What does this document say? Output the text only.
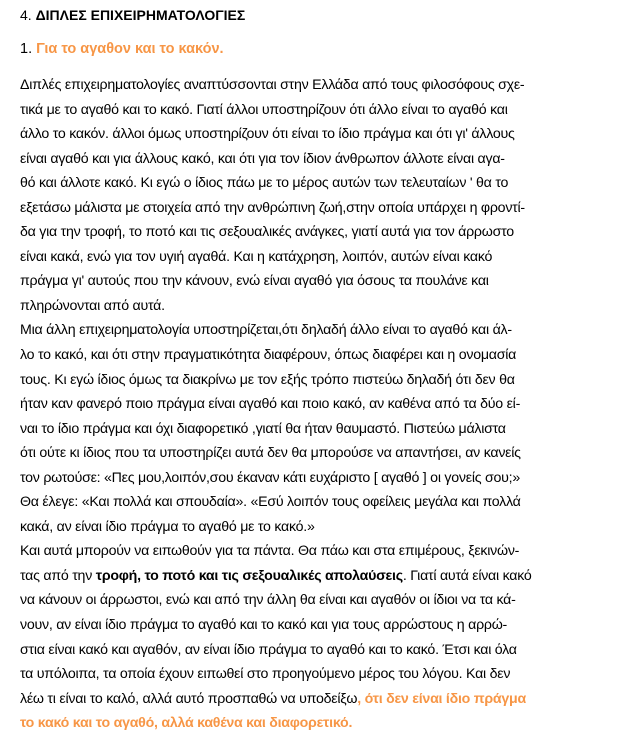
4. ΔΙΠΛΕΣ ΕΠΙΧΕΙΡΗΜΑΤΟΛΟΓΙΕΣ
1. Για το αγαθον και το κακόν.
Διπλές επιχειρηματολογίες αναπτύσσονται στην Ελλάδα από τους φιλοσόφους σχε-
τικά με το αγαθό και το κακό. Γιατί άλλοι υποστηρίζουν ότι άλλο είναι το αγαθό και
άλλο το κακόν. άλλοι όμως υποστηρίζουν ότι είναι το ίδιο πράγμα και ότι γι' άλλους
είναι αγαθό και για άλλους κακό, και ότι για τον ίδιον άνθρωπον άλλοτε είναι αγα-
θό και άλλοτε κακό. Κι εγώ ο ίδιος πάω με το μέρος αυτών των τελευταίων ' θα το
εξετάσω μάλιστα με στοιχεία από την ανθρώπινη ζωή,στην οποία υπάρχει η φροντί-
δα για την τροφή, το ποτό και τις σεξουαλικές ανάγκες, γιατί αυτά για τον άρρωστο
είναι κακά, ενώ για τον υγιή αγαθά. Και η κατάχρηση, λοιπόν, αυτών είναι κακό
πράγμα γι' αυτούς που την κάνουν, ενώ είναι αγαθό για όσους τα πουλάνε και
πληρώνονται από αυτά.
Μια άλλη επιχειρηματολογία υποστηρίζεται,ότι δηλαδή άλλο είναι το αγαθό και άλ-
λο το κακό, και ότι στην πραγματικότητα διαφέρουν, όπως διαφέρει και η ονομασία
τους. Κι εγώ ίδιος όμως τα διακρίνω με τον εξής τρόπο πιστεύω δηλαδή ότι δεν θα
ήταν καν φανερό ποιο πράγμα είναι αγαθό και ποιο κακό, αν καθένα από τα δύο εί-
ναι το ίδιο πράγμα και όχι διαφορετικό ,γιατί θα ήταν θαυμαστό. Πιστεύω μάλιστα
ότι ούτε κι ίδιος που τα υποστηρίζει αυτά δεν θα μπορούσε να απαντήσει, αν κανείς
τον ρωτούσε: «Πες μου,λοιπόν,σου έκαναν κάτι ευχάριστο [ αγαθό ] οι γονείς σου;»
Θα έλεγε: «Και πολλά και σπουδαία». «Εσύ λοιπόν τους οφείλεις μεγάλα και πολλά
κακά, αν είναι ίδιο πράγμα το αγαθό με το κακό.»
Και αυτά μπορούν να ειπωθούν για τα πάντα. Θα πάω και στα επιμέρους, ξεκινών-
τας από την τροφή, το ποτό και τις σεξουαλικές απολαύσεις. Γιατί αυτά είναι κακό
να κάνουν οι άρρωστοι, ενώ και από την άλλη θα είναι και αγαθόν οι ίδιοι να τα κά-
νουν, αν είναι ίδιο πράγμα το αγαθό και το κακό και για τους αρρώστους η αρρώ-
στια είναι κακό και αγαθόν, αν είναι ίδιο πράγμα το αγαθό και το κακό. Έτσι και όλα
τα υπόλοιπα, τα οποία έχουν ειπωθεί στο προηγούμενο μέρος του λόγου. Και δεν
λέω τι είναι το καλό, αλλά αυτό προσπαθώ να υποδείξω, ότι δεν είναι ίδιο πράγμα
το κακό και το αγαθό, αλλά καθένα και διαφορετικό.
